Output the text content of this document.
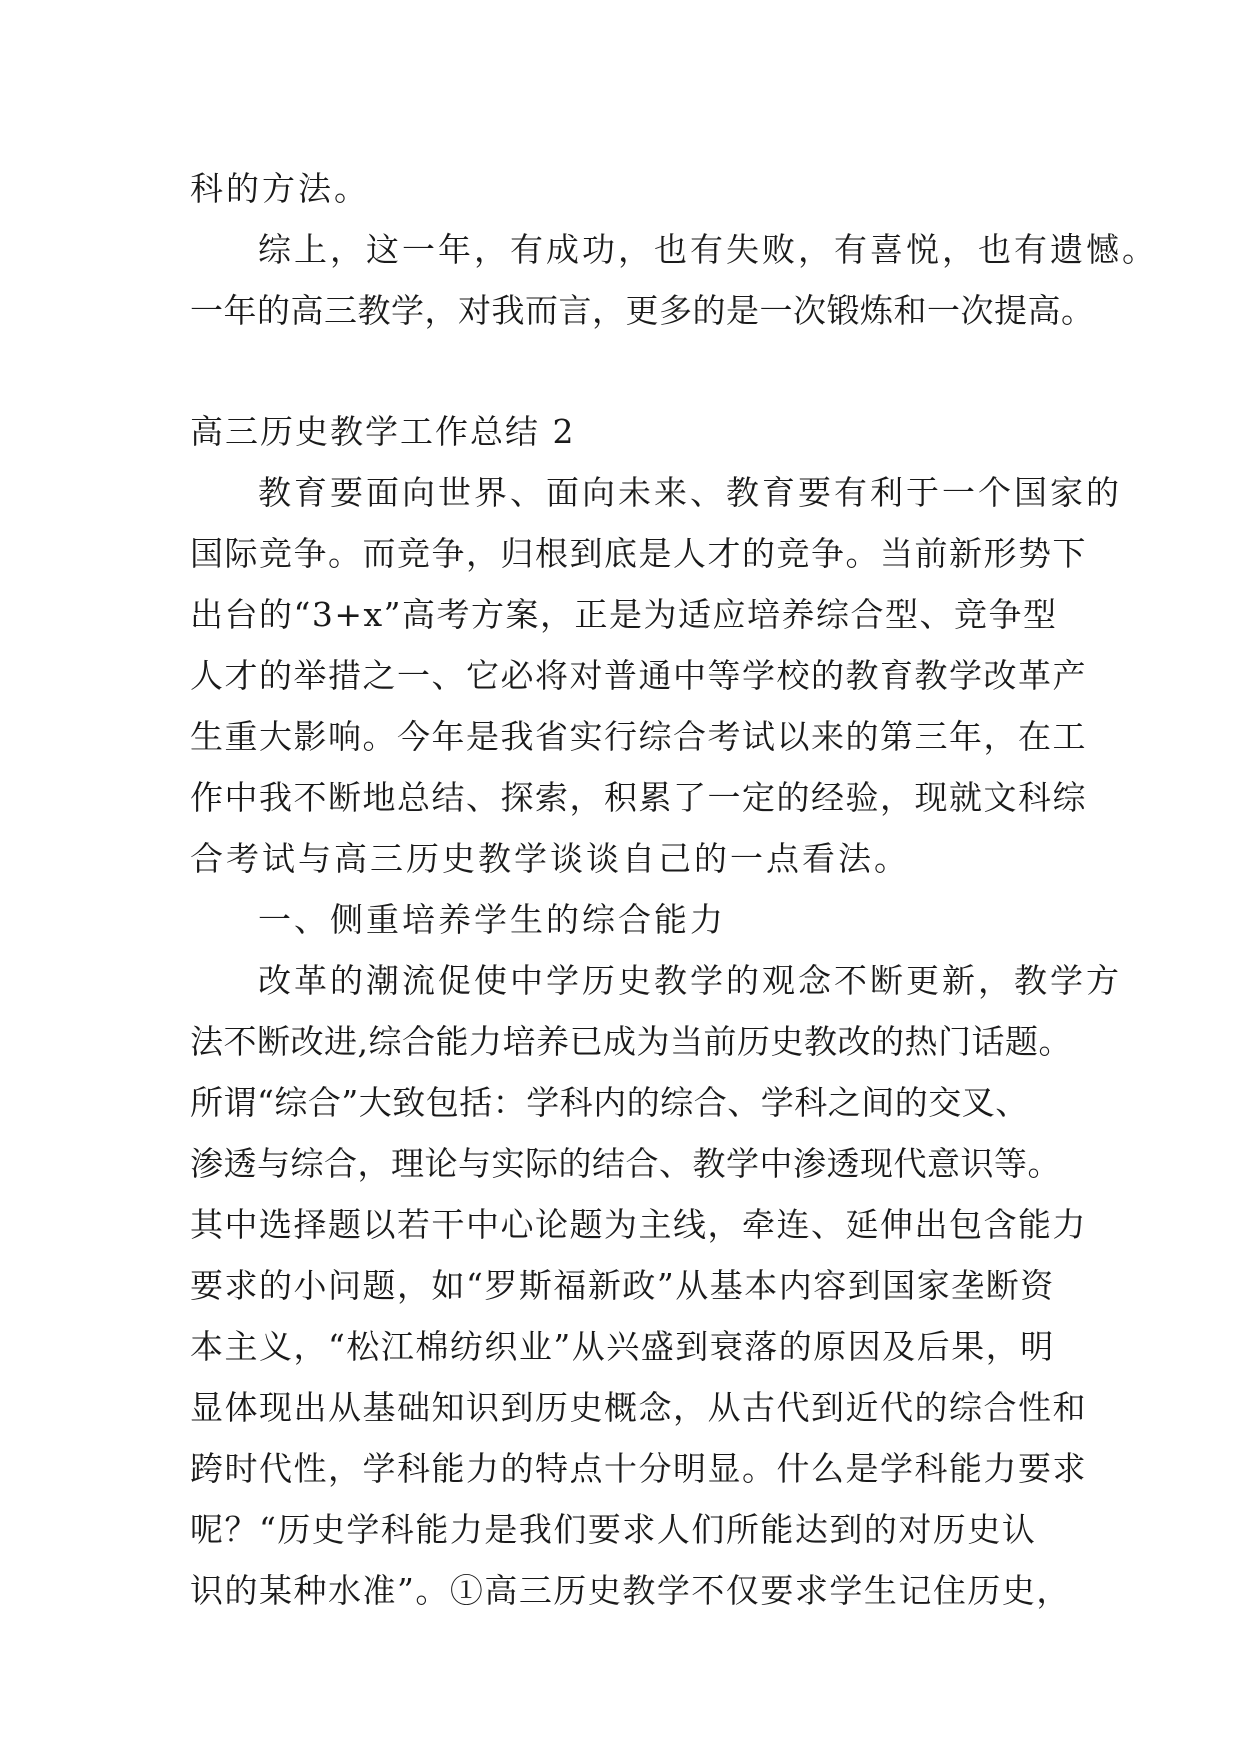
科的方法。
综上，这一年，有成功，也有失败，有喜悦，也有遗憾。
一年的高三教学，对我而言，更多的是一次锻炼和一次提高。
高三历史教学工作总结 2
教育要面向世界、面向未来、教育要有利于一个国家的
国际竞争。而竞争，归根到底是人才的竞争。当前新形势下
出台的“3+x”高考方案，正是为适应培养综合型、竞争型
人才的举措之一、它必将对普通中等学校的教育教学改革产
生重大影响。今年是我省实行综合考试以来的第三年，在工
作中我不断地总结、探索，积累了一定的经验，现就文科综
合考试与高三历史教学谈谈自己的一点看法。
一、侧重培养学生的综合能力
改革的潮流促使中学历史教学的观念不断更新，教学方
法不断改进,综合能力培养已成为当前历史教改的热门话题。
所谓“综合”大致包括：学科内的综合、学科之间的交叉、
渗透与综合，理论与实际的结合、教学中渗透现代意识等。
其中选择题以若干中心论题为主线，牵连、延伸出包含能力
要求的小问题，如“罗斯福新政”从基本内容到国家垄断资
本主义，“松江棉纺织业”从兴盛到衰落的原因及后果，明
显体现出从基础知识到历史概念，从古代到近代的综合性和
跨时代性，学科能力的特点十分明显。什么是学科能力要求
呢？“历史学科能力是我们要求人们所能达到的对历史认
识的某种水准”。①高三历史教学不仅要求学生记住历史，
